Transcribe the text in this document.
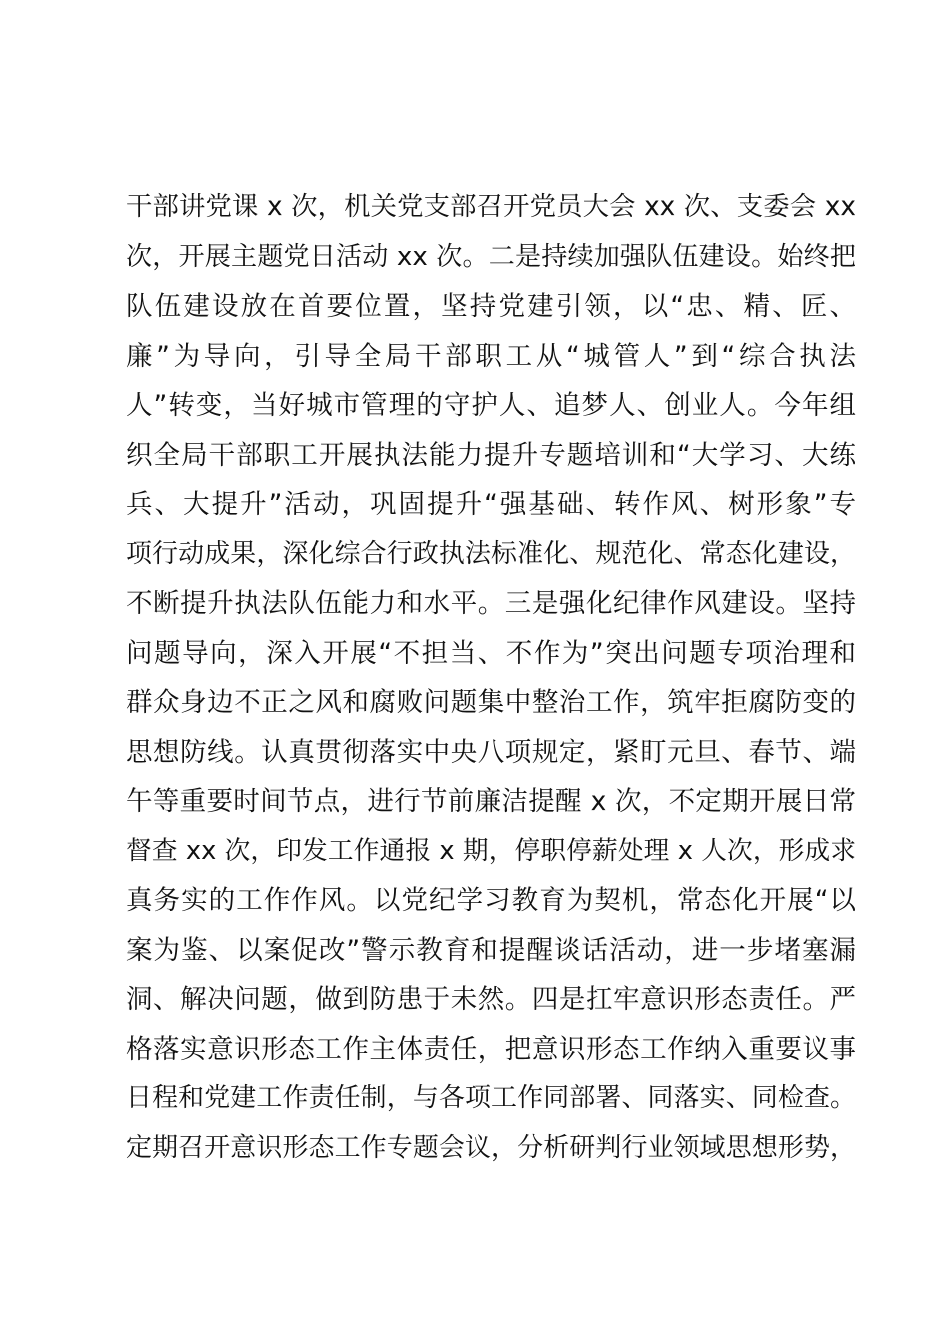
干部讲党课 x 次，机关党支部召开党员大会 xx 次、支委会 xx
次，开展主题党日活动 xx 次。二是持续加强队伍建设。始终把
队伍建设放在首要位置，坚持党建引领，以“忠、精、匠、
廉”为导向，引导全局干部职工从“城管人”到“综合执法
人”转变，当好城市管理的守护人、追梦人、创业人。今年组
织全局干部职工开展执法能力提升专题培训和“大学习、大练
兵、大提升”活动，巩固提升“强基础、转作风、树形象”专
项行动成果，深化综合行政执法标准化、规范化、常态化建设，
不断提升执法队伍能力和水平。三是强化纪律作风建设。坚持
问题导向，深入开展“不担当、不作为”突出问题专项治理和
群众身边不正之风和腐败问题集中整治工作，筑牢拒腐防变的
思想防线。认真贯彻落实中央八项规定，紧盯元旦、春节、端
午等重要时间节点，进行节前廉洁提醒 x 次，不定期开展日常
督查 xx 次，印发工作通报 x 期，停职停薪处理 x 人次，形成求
真务实的工作作风。以党纪学习教育为契机，常态化开展“以
案为鉴、以案促改”警示教育和提醒谈话活动，进一步堵塞漏
洞、解决问题，做到防患于未然。四是扛牢意识形态责任。严
格落实意识形态工作主体责任，把意识形态工作纳入重要议事
日程和党建工作责任制，与各项工作同部署、同落实、同检查。
定期召开意识形态工作专题会议，分析研判行业领域思想形势，
